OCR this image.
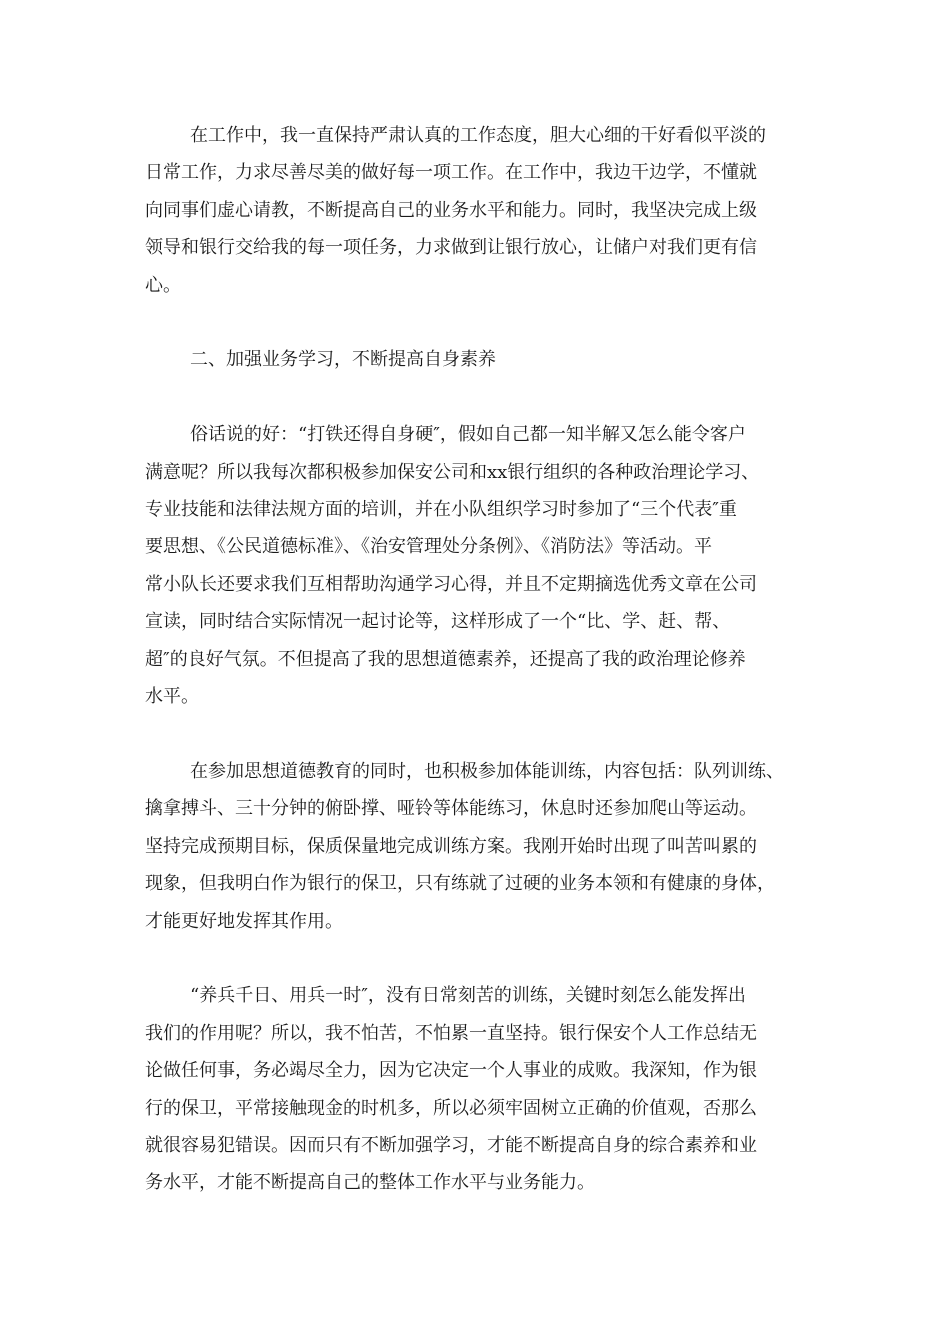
在工作中，我一直保持严肃认真的工作态度，胆大心细的干好看似平淡的
日常工作，力求尽善尽美的做好每一项工作。在工作中，我边干边学，不懂就
向同事们虚心请教，不断提高自己的业务水平和能力。同时，我坚决完成上级
领导和银行交给我的每一项任务，力求做到让银行放心，让储户对我们更有信
心。

二、加强业务学习，不断提高自身素养

俗话说的好：“打铁还得自身硬″，假如自己都一知半解又怎么能令客户
满意呢？所以我每次都积极参加保安公司和xx银行组织的各种政治理论学习、
专业技能和法律法规方面的培训，并在小队组织学习时参加了“三个代表″重
要思想、《公民道德标准》、《治安管理处分条例》、《消防法》等活动。平
常小队长还要求我们互相帮助沟通学习心得，并且不定期摘选优秀文章在公司
宣读，同时结合实际情况一起讨论等，这样形成了一个“比、学、赶、帮、
超″的良好气氛。不但提高了我的思想道德素养，还提高了我的政治理论修养
水平。

在参加思想道德教育的同时，也积极参加体能训练，内容包括：队列训练、
擒拿搏斗、三十分钟的俯卧撑、哑铃等体能练习，休息时还参加爬山等运动。
坚持完成预期目标，保质保量地完成训练方案。我刚开始时出现了叫苦叫累的
现象，但我明白作为银行的保卫，只有练就了过硬的业务本领和有健康的身体，
才能更好地发挥其作用。

“养兵千日、用兵一时″，没有日常刻苦的训练，关键时刻怎么能发挥出
我们的作用呢？所以，我不怕苦，不怕累一直坚持。银行保安个人工作总结无
论做任何事，务必竭尽全力，因为它决定一个人事业的成败。我深知，作为银
行的保卫，平常接触现金的时机多，所以必须牢固树立正确的价值观，否那么
就很容易犯错误。因而只有不断加强学习，才能不断提高自身的综合素养和业
务水平，才能不断提高自己的整体工作水平与业务能力。
